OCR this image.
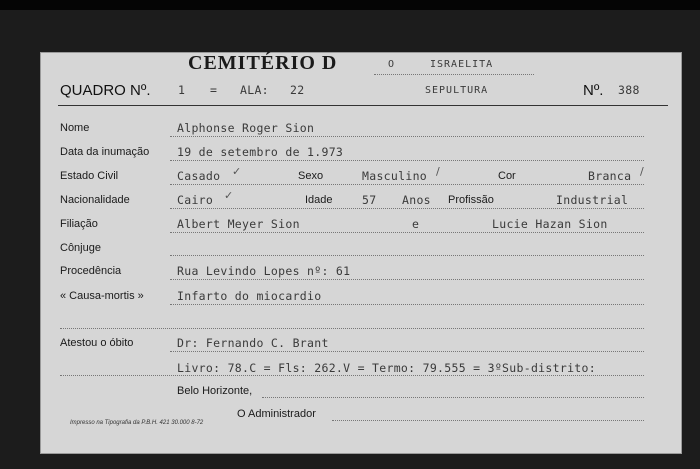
CEMITÉRIO D	O	ISRAELITA
QUADRO Nº. 1 = ALA: 22	SEPULTURA	Nº. 388
Nome	Alphonse Roger Sion
Data da inumação 19 de setembro de 1.973
Estado Civil	Casado ✓	Sexo	Masculino /	Cor	Branca /
Nacionalidade	Cairo ✓	Idade	57 Anos Profissão	Industrial
Filiação	Albert Meyer Sion	e	Lucie Hazan Sion
Cônjuge
Procedência	Rua Levindo Lopes nº: 61
« Causa-mortis »	Infarto do miocardio
Atestou o óbito	Dr: Fernando C. Brant
Livro: 78.C = Fls: 262.V = Termo: 79.555 = 3ºSub-distrito:
Belo Horizonte,
O Administrador
Impresso na Tipografia da P.B.H. 421 30.000 8-72
